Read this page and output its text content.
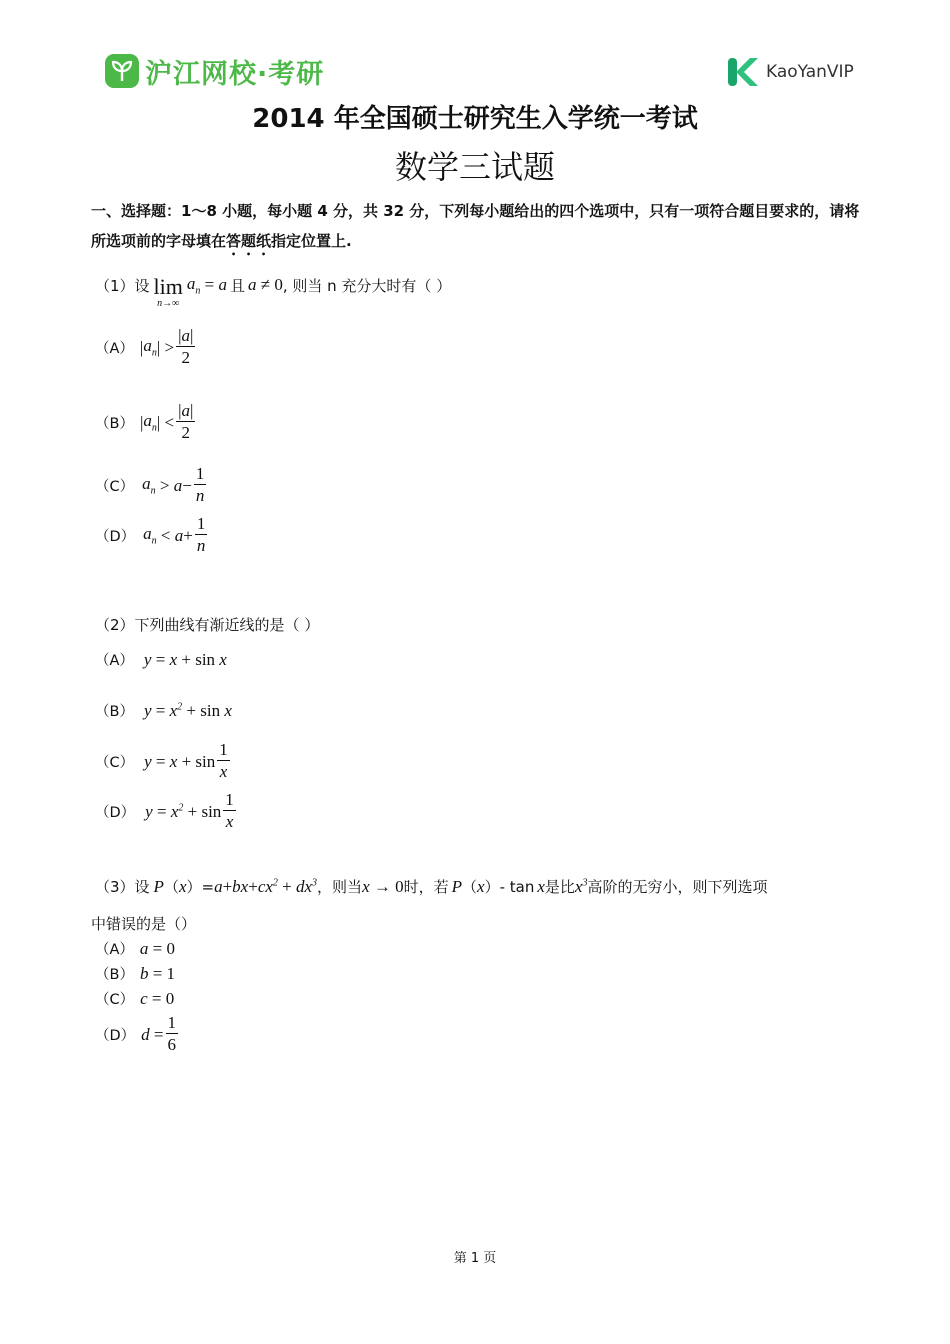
沪江网校·考研	KaoYanVIP
2014 年全国硕士研究生入学统一考试
数学三试题
一、选择题：1～8 小题，每小题 4 分，共 32 分，下列每小题给出的四个选项中，只有一项符合题目要求的，请将所选项前的字母填在答题纸指定位置上.
（1）设 lim
n→∞
$a_n = a$ 且 a ≠ 0 , 则当 n 充分大时有（ ）
（A） | $a_n$ | > $\frac{|a|}{2}$
（B） | $a_n$ | < $\frac{|a|}{2}$
（C） $a_n > a - \frac{1}{n}$
（D） $a_n < a + \frac{1}{n}$
（2）下列曲线有渐近线的是（ ）
（A） y = x + sin x
（B） $y = x^2 + \sin x$
（C） $y = x + \sin \frac{1}{x}$
（D） $y = x^2 + \sin \frac{1}{x}$
（3）设 P （ x ）= a + bx + $cx^2 + dx^3$ ，则当 x → 0 时，若 P （ x ）- tan x 是比 $x^3$ 高阶的无穷小，则下列选项
中错误的是（）
（A） a = 0
（B） b = 1
（C） c = 0
（D） $d = \frac{1}{6}$
第 1 页
